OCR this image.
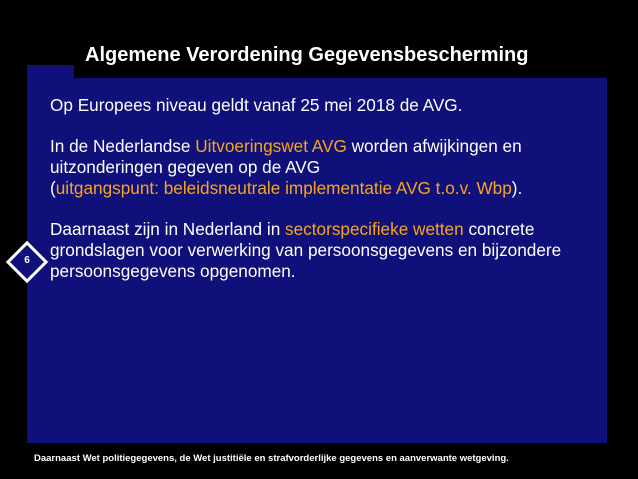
Algemene Verordening Gegevensbescherming

Op Europees niveau geldt vanaf 25 mei 2018 de AVG.

In de Nederlandse Uitvoeringswet AVG worden afwijkingen en uitzonderingen gegeven op de AVG
(uitgangspunt: beleidsneutrale implementatie AVG t.o.v. Wbp).

Daarnaast zijn in Nederland in sectorspecifieke wetten concrete grondslagen voor verwerking van persoonsgegevens en bijzondere persoonsgegevens opgenomen.

6
Daarnaast Wet politiegegevens, de Wet justitiële en strafvorderlijke gegevens en aanverwante wetgeving.
